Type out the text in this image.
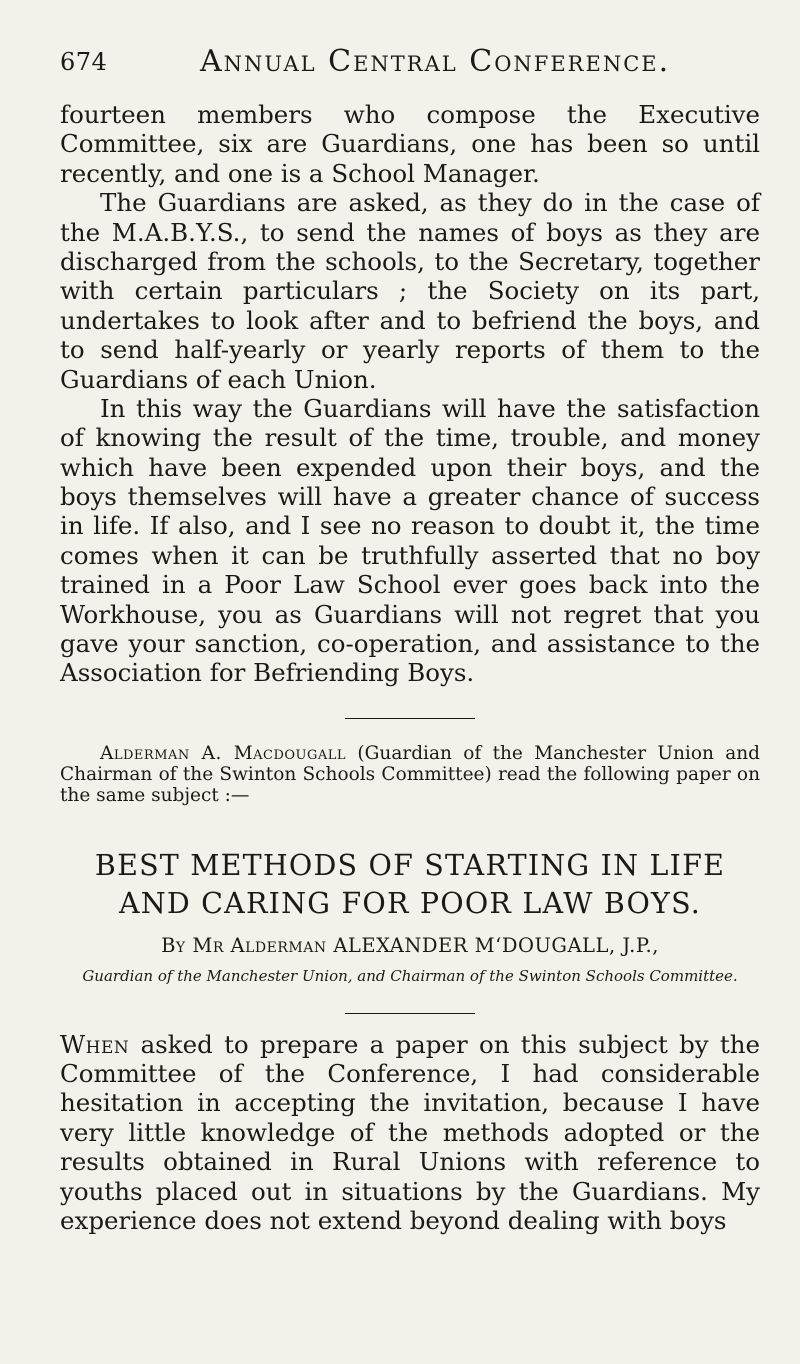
674	Annual Central Conference.

fourteen members who compose the Executive Committee, six are Guardians, one has been so until recently, and one is a School Manager.

The Guardians are asked, as they do in the case of the M.A.B.Y.S., to send the names of boys as they are discharged from the schools, to the Secretary, together with certain particulars ; the Society on its part, undertakes to look after and to befriend the boys, and to send half-yearly or yearly reports of them to the Guardians of each Union.

In this way the Guardians will have the satisfaction of knowing the result of the time, trouble, and money which have been expended upon their boys, and the boys themselves will have a greater chance of success in life. If also, and I see no reason to doubt it, the time comes when it can be truthfully asserted that no boy trained in a Poor Law School ever goes back into the Workhouse, you as Guardians will not regret that you gave your sanction, co-operation, and assistance to the Association for Befriending Boys.

Alderman A. Macdougall (Guardian of the Manchester Union and Chairman of the Swinton Schools Committee) read the following paper on the same subject :—

BEST METHODS OF STARTING IN LIFE
AND CARING FOR POOR LAW BOYS.
By Mr Alderman ALEXANDER M‘DOUGALL, J.P.,
Guardian of the Manchester Union, and Chairman of the Swinton Schools Committee.

When asked to prepare a paper on this subject by the Committee of the Conference, I had considerable hesitation in accepting the invitation, because I have very little knowledge of the methods adopted or the results obtained in Rural Unions with reference to youths placed out in situations by the Guardians. My experience does not extend beyond dealing with boys
